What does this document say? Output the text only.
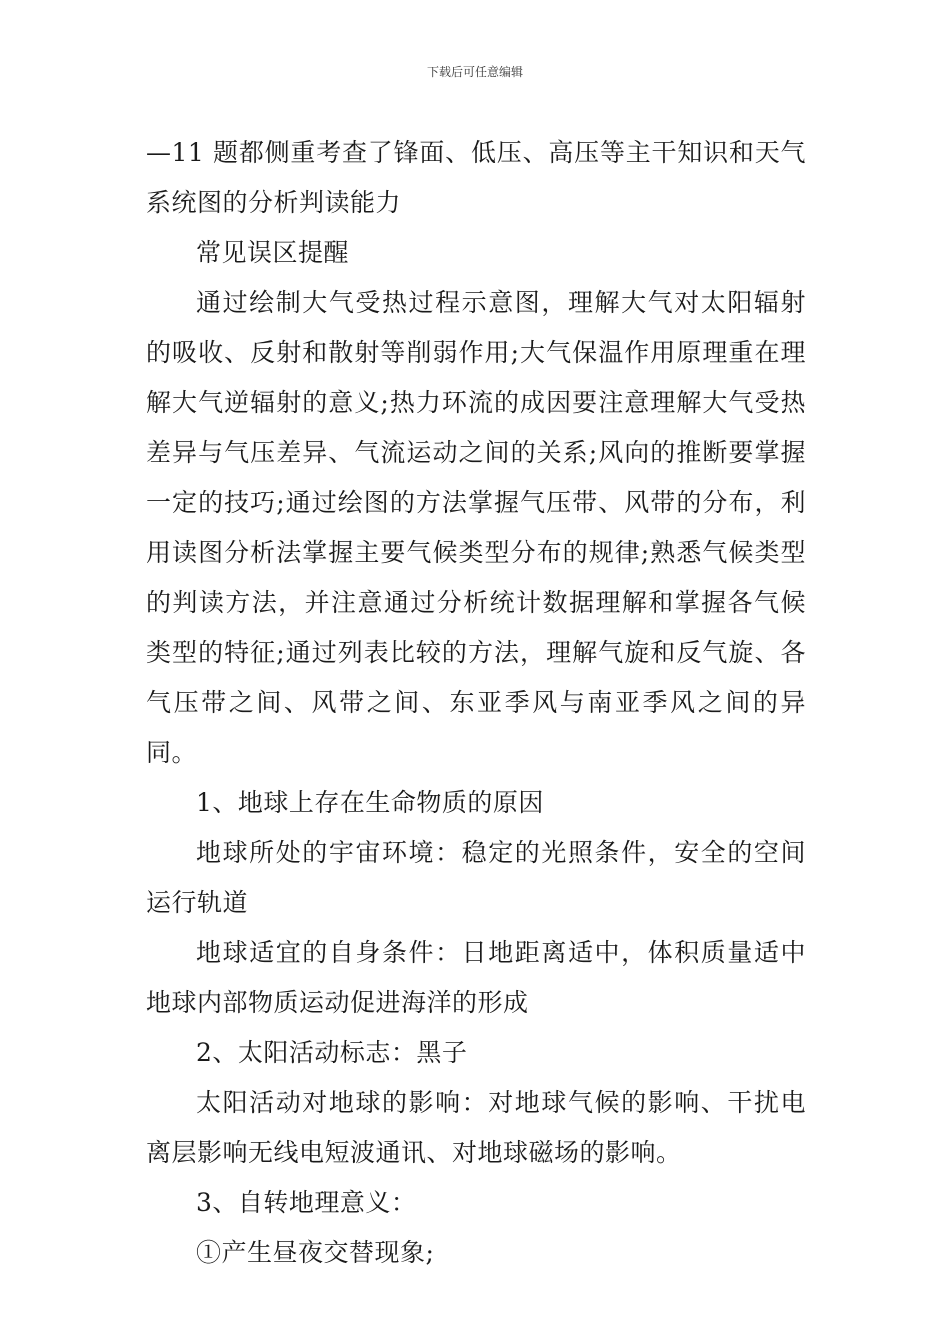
下载后可任意编辑

—11 题都侧重考查了锋面、低压、高压等主干知识和天气系统图的分析判读能力

常见误区提醒

通过绘制大气受热过程示意图，理解大气对太阳辐射的吸收、反射和散射等削弱作用;大气保温作用原理重在理解大气逆辐射的意义;热力环流的成因要注意理解大气受热差异与气压差异、气流运动之间的关系;风向的推断要掌握一定的技巧;通过绘图的方法掌握气压带、风带的分布，利用读图分析法掌握主要气候类型分布的规律;熟悉气候类型的判读方法，并注意通过分析统计数据理解和掌握各气候类型的特征;通过列表比较的方法，理解气旋和反气旋、各气压带之间、风带之间、东亚季风与南亚季风之间的异同。

1、地球上存在生命物质的原因

地球所处的宇宙环境：稳定的光照条件，安全的空间运行轨道

地球适宜的自身条件：日地距离适中，体积质量适中地球内部物质运动促进海洋的形成

2、太阳活动标志：黑子

太阳活动对地球的影响：对地球气候的影响、干扰电离层影响无线电短波通讯、对地球磁场的影响。

3、自转地理意义：

①产生昼夜交替现象;
